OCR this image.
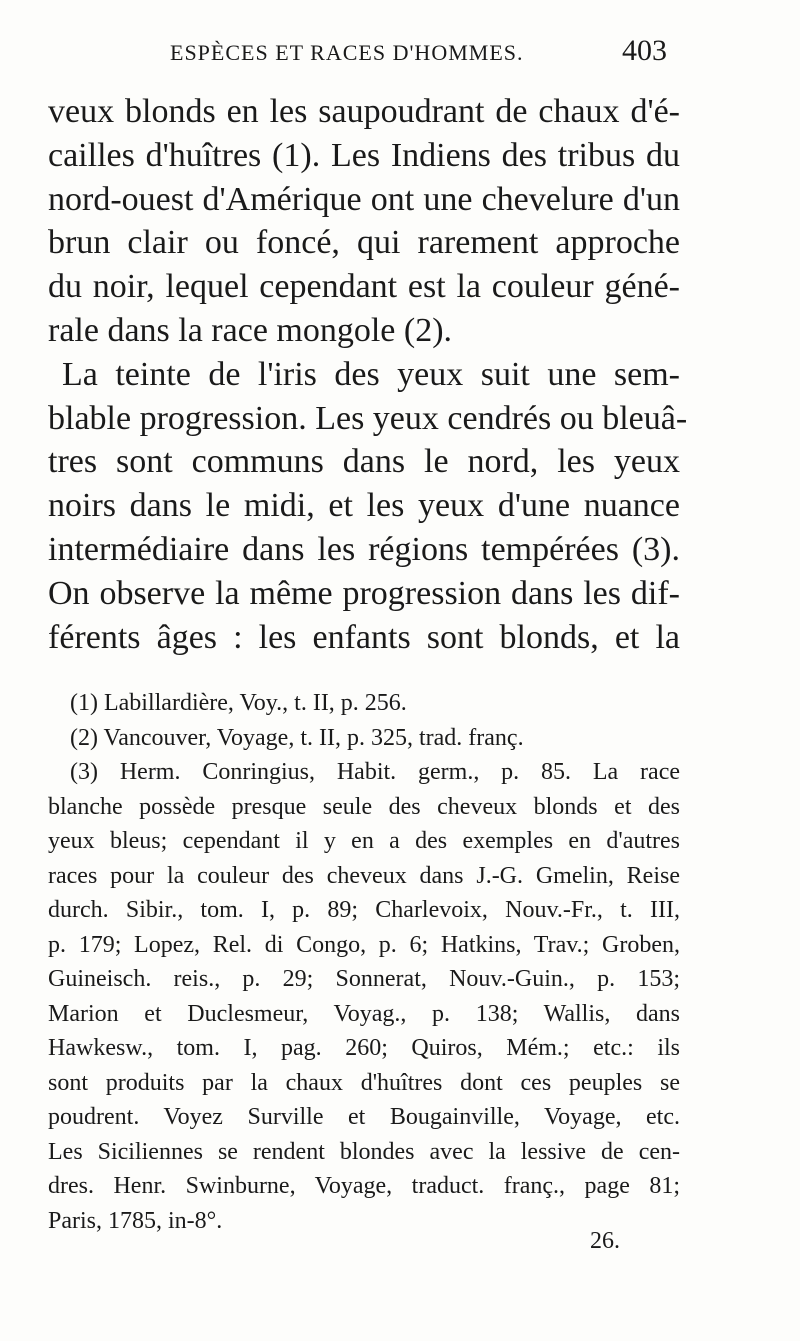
ESPÈCES ET RACES D'HOMMES.	403
veux blonds en les saupoudrant de chaux d'é-
cailles d'huîtres (1). Les Indiens des tribus du
nord-ouest d'Amérique ont une chevelure d'un
brun clair ou foncé, qui rarement approche
du noir, lequel cependant est la couleur géné-
rale dans la race mongole (2).
La teinte de l'iris des yeux suit une sem-
blable progression. Les yeux cendrés ou bleuâ-
tres sont communs dans le nord, les yeux
noirs dans le midi, et les yeux d'une nuance
intermédiaire dans les régions tempérées (3).
On observe la même progression dans les dif-
férents âges : les enfants sont blonds, et la
(1) Labillardière, Voy., t. II, p. 256.
(2) Vancouver, Voyage, t. II, p. 325, trad. franç.
(3) Herm. Conringius, Habit. germ., p. 85. La race
blanche possède presque seule des cheveux blonds et des
yeux bleus; cependant il y en a des exemples en d'autres
races pour la couleur des cheveux dans J.-G. Gmelin, Reise
durch. Sibir., tom. I, p. 89; Charlevoix, Nouv.-Fr., t. III,
p. 179; Lopez, Rel. di Congo, p. 6; Hatkins, Trav.; Groben,
Guineisch. reis., p. 29; Sonnerat, Nouv.-Guin., p. 153;
Marion et Duclesmeur, Voyag., p. 138; Wallis, dans
Hawkesw., tom. I, pag. 260; Quiros, Mém.; etc.: ils
sont produits par la chaux d'huîtres dont ces peuples se
poudrent. Voyez Surville et Bougainville, Voyage, etc.
Les Siciliennes se rendent blondes avec la lessive de cen-
dres. Henr. Swinburne, Voyage, traduct. franç., page 81;
Paris, 1785, in-8°.
26.
